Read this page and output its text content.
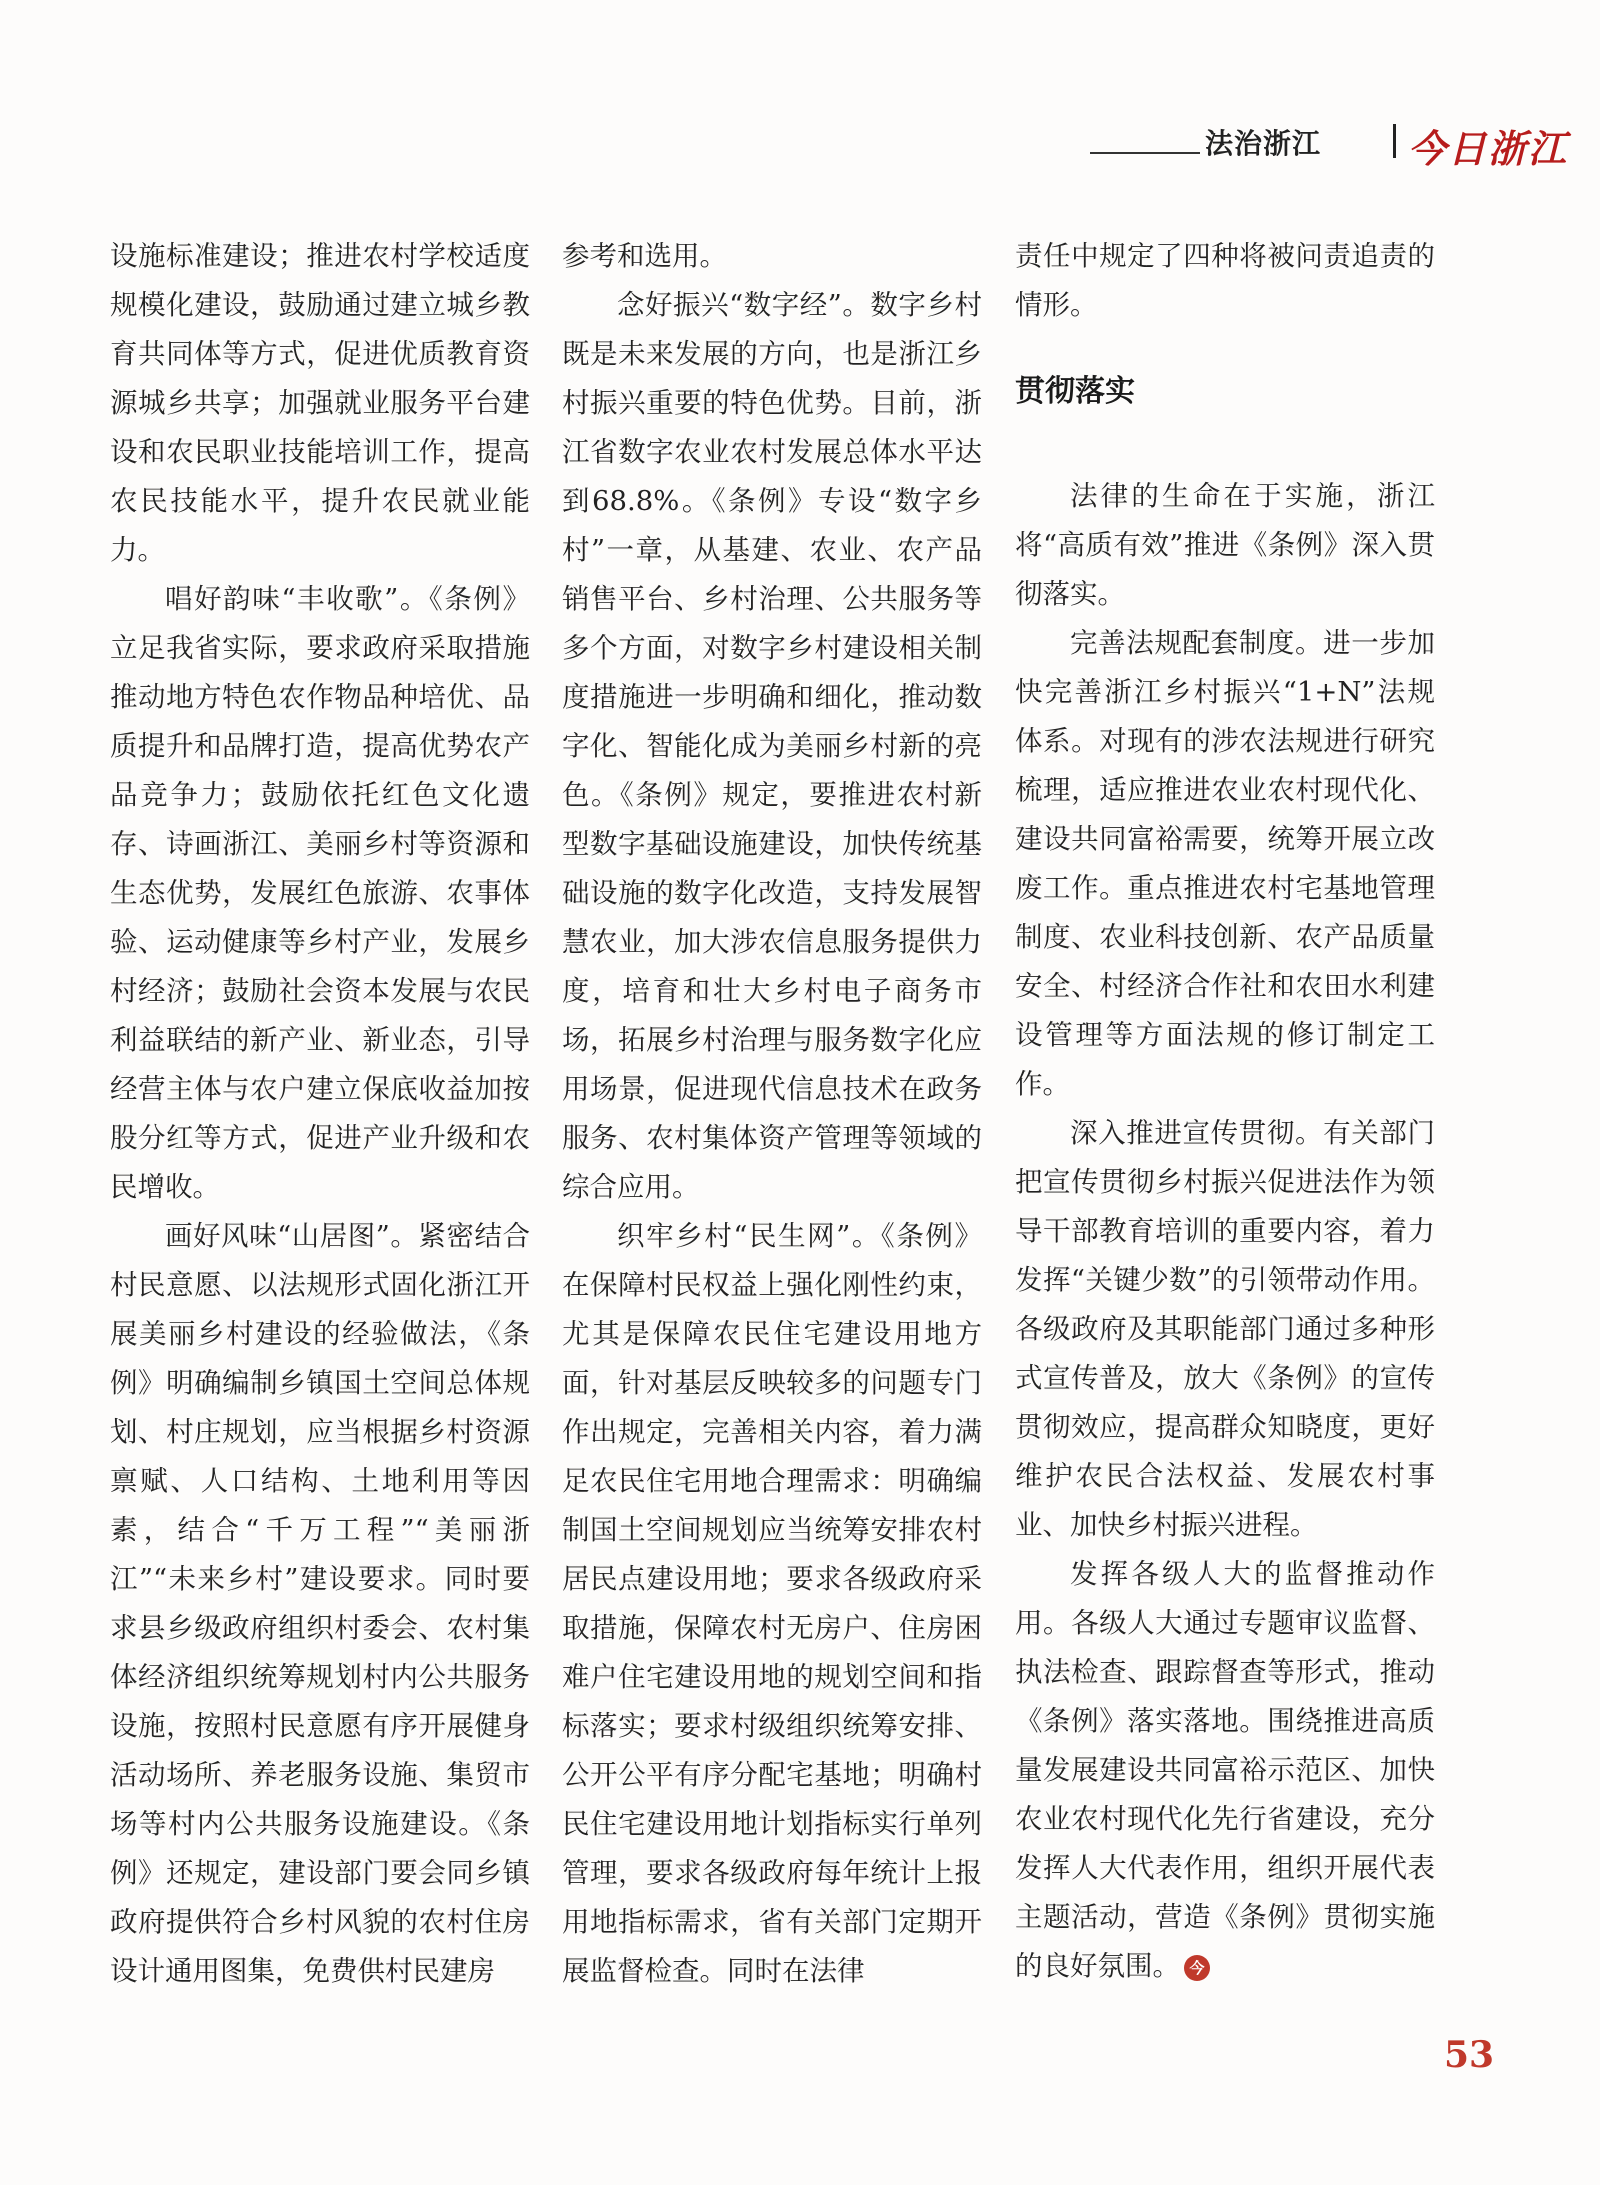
法治浙江 今日浙江

设施标准建设；推进农村学校适度规模化建设，鼓励通过建立城乡教育共同体等方式，促进优质教育资源城乡共享；加强就业服务平台建设和农民职业技能培训工作，提高农民技能水平，提升农民就业能力。

唱好韵味“丰收歌”。《条例》立足我省实际，要求政府采取措施推动地方特色农作物品种培优、品质提升和品牌打造，提高优势农产品竞争力；鼓励依托红色文化遗存、诗画浙江、美丽乡村等资源和生态优势，发展红色旅游、农事体验、运动健康等乡村产业，发展乡村经济；鼓励社会资本发展与农民利益联结的新产业、新业态，引导经营主体与农户建立保底收益加按股分红等方式，促进产业升级和农民增收。

画好风味“山居图”。紧密结合村民意愿、以法规形式固化浙江开展美丽乡村建设的经验做法，《条例》明确编制乡镇国土空间总体规划、村庄规划，应当根据乡村资源禀赋、人口结构、土地利用等因素，结合“千万工程”“美丽浙江”“未来乡村”建设要求。同时要求县乡级政府组织村委会、农村集体经济组织统筹规划村内公共服务设施，按照村民意愿有序开展健身活动场所、养老服务设施、集贸市场等村内公共服务设施建设。《条例》还规定，建设部门要会同乡镇政府提供符合乡村风貌的农村住房设计通用图集，免费供村民建房

参考和选用。

念好振兴“数字经”。数字乡村既是未来发展的方向，也是浙江乡村振兴重要的特色优势。目前，浙江省数字农业农村发展总体水平达到68.8%。《条例》专设“数字乡村”一章，从基建、农业、农产品销售平台、乡村治理、公共服务等多个方面，对数字乡村建设相关制度措施进一步明确和细化，推动数字化、智能化成为美丽乡村新的亮色。《条例》规定，要推进农村新型数字基础设施建设，加快传统基础设施的数字化改造，支持发展智慧农业，加大涉农信息服务提供力度，培育和壮大乡村电子商务市场，拓展乡村治理与服务数字化应用场景，促进现代信息技术在政务服务、农村集体资产管理等领域的综合应用。

织牢乡村“民生网”。《条例》在保障村民权益上强化刚性约束，尤其是保障农民住宅建设用地方面，针对基层反映较多的问题专门作出规定，完善相关内容，着力满足农民住宅用地合理需求：明确编制国土空间规划应当统筹安排农村居民点建设用地；要求各级政府采取措施，保障农村无房户、住房困难户住宅建设用地的规划空间和指标落实；要求村级组织统筹安排、公开公平有序分配宅基地；明确村民住宅建设用地计划指标实行单列管理，要求各级政府每年统计上报用地指标需求，省有关部门定期开展监督检查。同时在法律

责任中规定了四种将被问责追责的情形。

贯彻落实

法律的生命在于实施，浙江将“高质有效”推进《条例》深入贯彻落实。

完善法规配套制度。进一步加快完善浙江乡村振兴“1+N”法规体系。对现有的涉农法规进行研究梳理，适应推进农业农村现代化、建设共同富裕需要，统筹开展立改废工作。重点推进农村宅基地管理制度、农业科技创新、农产品质量安全、村经济合作社和农田水利建设管理等方面法规的修订制定工作。

深入推进宣传贯彻。有关部门把宣传贯彻乡村振兴促进法作为领导干部教育培训的重要内容，着力发挥“关键少数”的引领带动作用。各级政府及其职能部门通过多种形式宣传普及，放大《条例》的宣传贯彻效应，提高群众知晓度，更好维护农民合法权益、发展农村事业、加快乡村振兴进程。

发挥各级人大的监督推动作用。各级人大通过专题审议监督、执法检查、跟踪督查等形式，推动《条例》落实落地。围绕推进高质量发展建设共同富裕示范区、加快农业农村现代化先行省建设，充分发挥人大代表作用，组织开展代表主题活动，营造《条例》贯彻实施的良好氛围。 今

53
